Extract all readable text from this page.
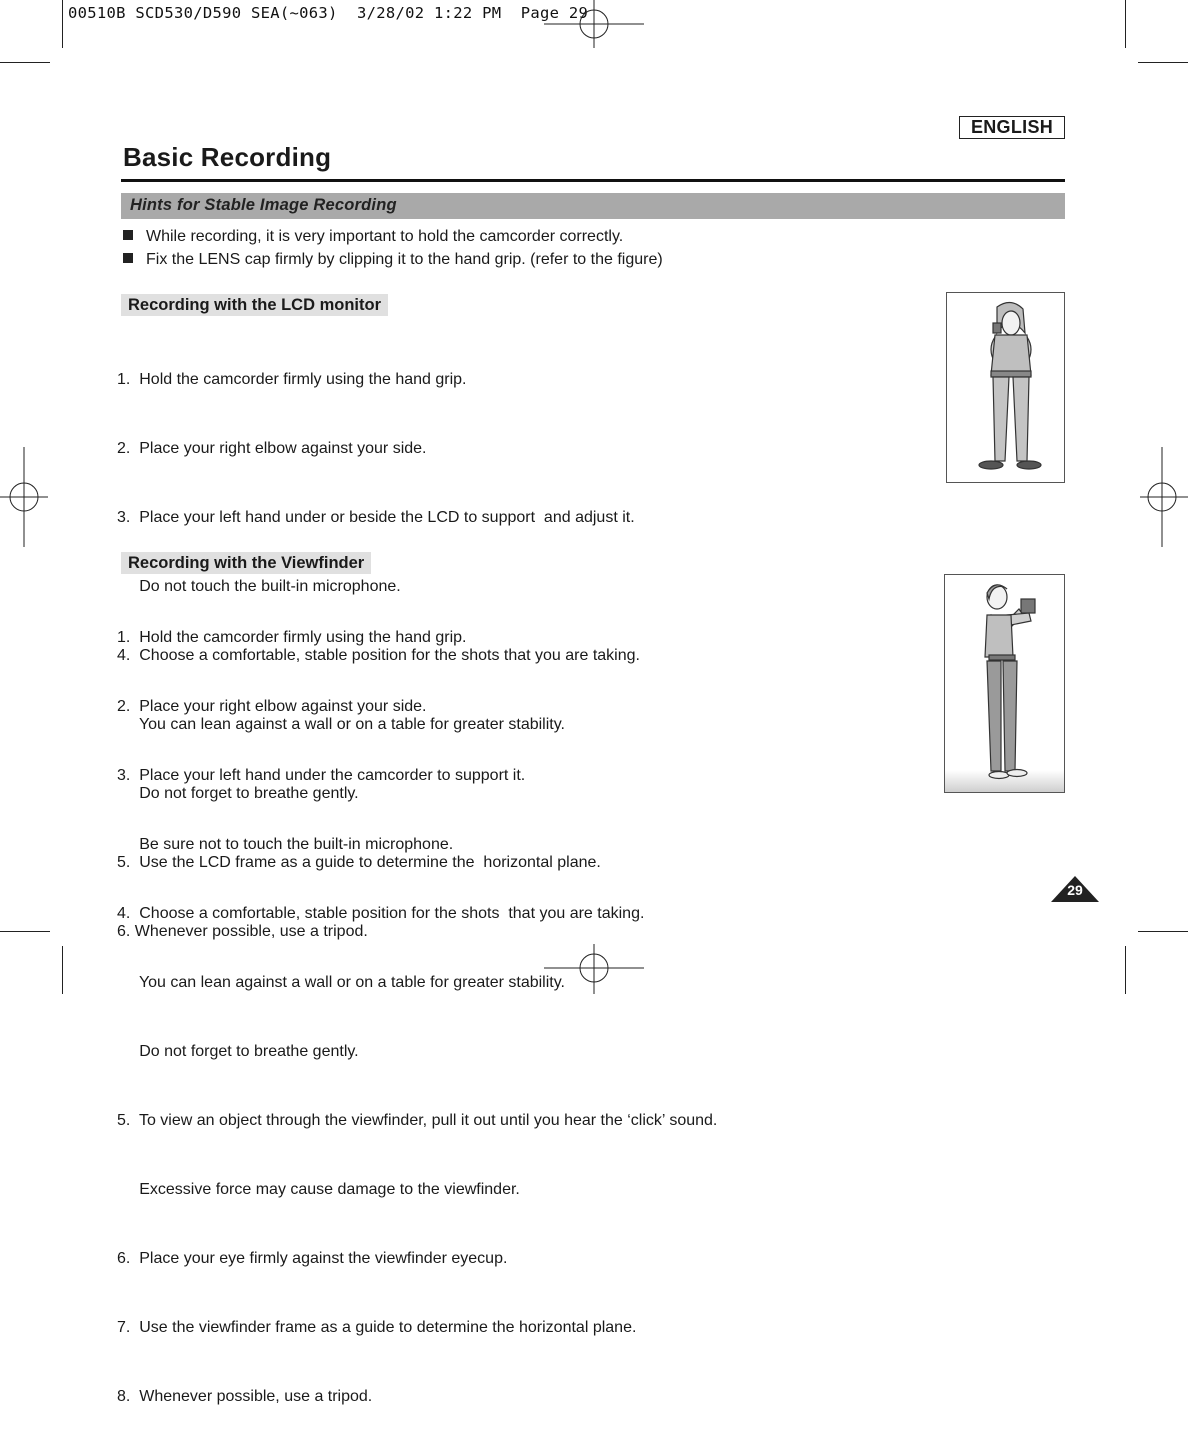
00510B SCD530/D590 SEA(~063)  3/28/02 1:22 PM  Page 29
ENGLISH
Basic Recording
Hints for Stable Image Recording
While recording, it is very important to hold the camcorder correctly.
Fix the LENS cap firmly by clipping it to the hand grip. (refer to the figure)
Recording with the LCD monitor

1.  Hold the camcorder firmly using the hand grip.

2.  Place your right elbow against your side.

3.  Place your left hand under or beside the LCD to support  and adjust it.

Do not touch the built-in microphone.

4.  Choose a comfortable, stable position for the shots that you are taking.

You can lean against a wall or on a table for greater stability.

Do not forget to breathe gently.

5.  Use the LCD frame as a guide to determine the  horizontal plane.

6. Whenever possible, use a tripod.

Recording with the Viewfinder

1.  Hold the camcorder firmly using the hand grip.

2.  Place your right elbow against your side.

3.  Place your left hand under the camcorder to support it.

Be sure not to touch the built-in microphone.

4.  Choose a comfortable, stable position for the shots  that you are taking.

You can lean against a wall or on a table for greater stability.

Do not forget to breathe gently.

5.  To view an object through the viewfinder, pull it out until you hear the ‘click’ sound.

Excessive force may cause damage to the viewfinder.

6.  Place your eye firmly against the viewfinder eyecup.

7.  Use the viewfinder frame as a guide to determine the horizontal plane.

8.  Whenever possible, use a tripod.

29
